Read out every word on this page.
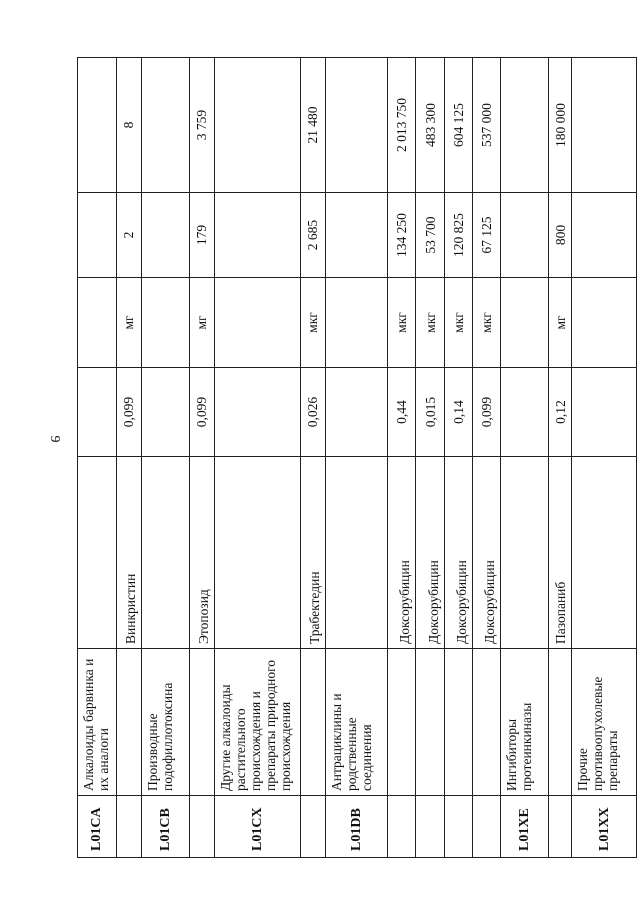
9
L01CA	Алкалоиды барвинка и их аналоги					
		Винкристин	0,099	мг	2	8
L01CB	Производные подофиллотоксина					
		Этопозид	0,099	мг	179	3 759
L01CX	Другие алкалоиды растительного происхождения и препараты природного происхождения					
		Трабектедин	0,026	мкг	2 685	21 480
L01DB	Антрациклины и родственные соединения					
		Доксорубицин	0,44	мкг	134 250	2 013 750
		Доксорубицин	0,015	мкг	53 700	483 300
		Доксорубицин	0,14	мкг	120 825	604 125
		Доксорубицин	0,099	мкг	67 125	537 000
L01XE	Ингибиторы протеинкиназы					
		Пазопаниб	0,12	мг	800	180 000
L01XX	Прочие противоопухолевые препараты					
